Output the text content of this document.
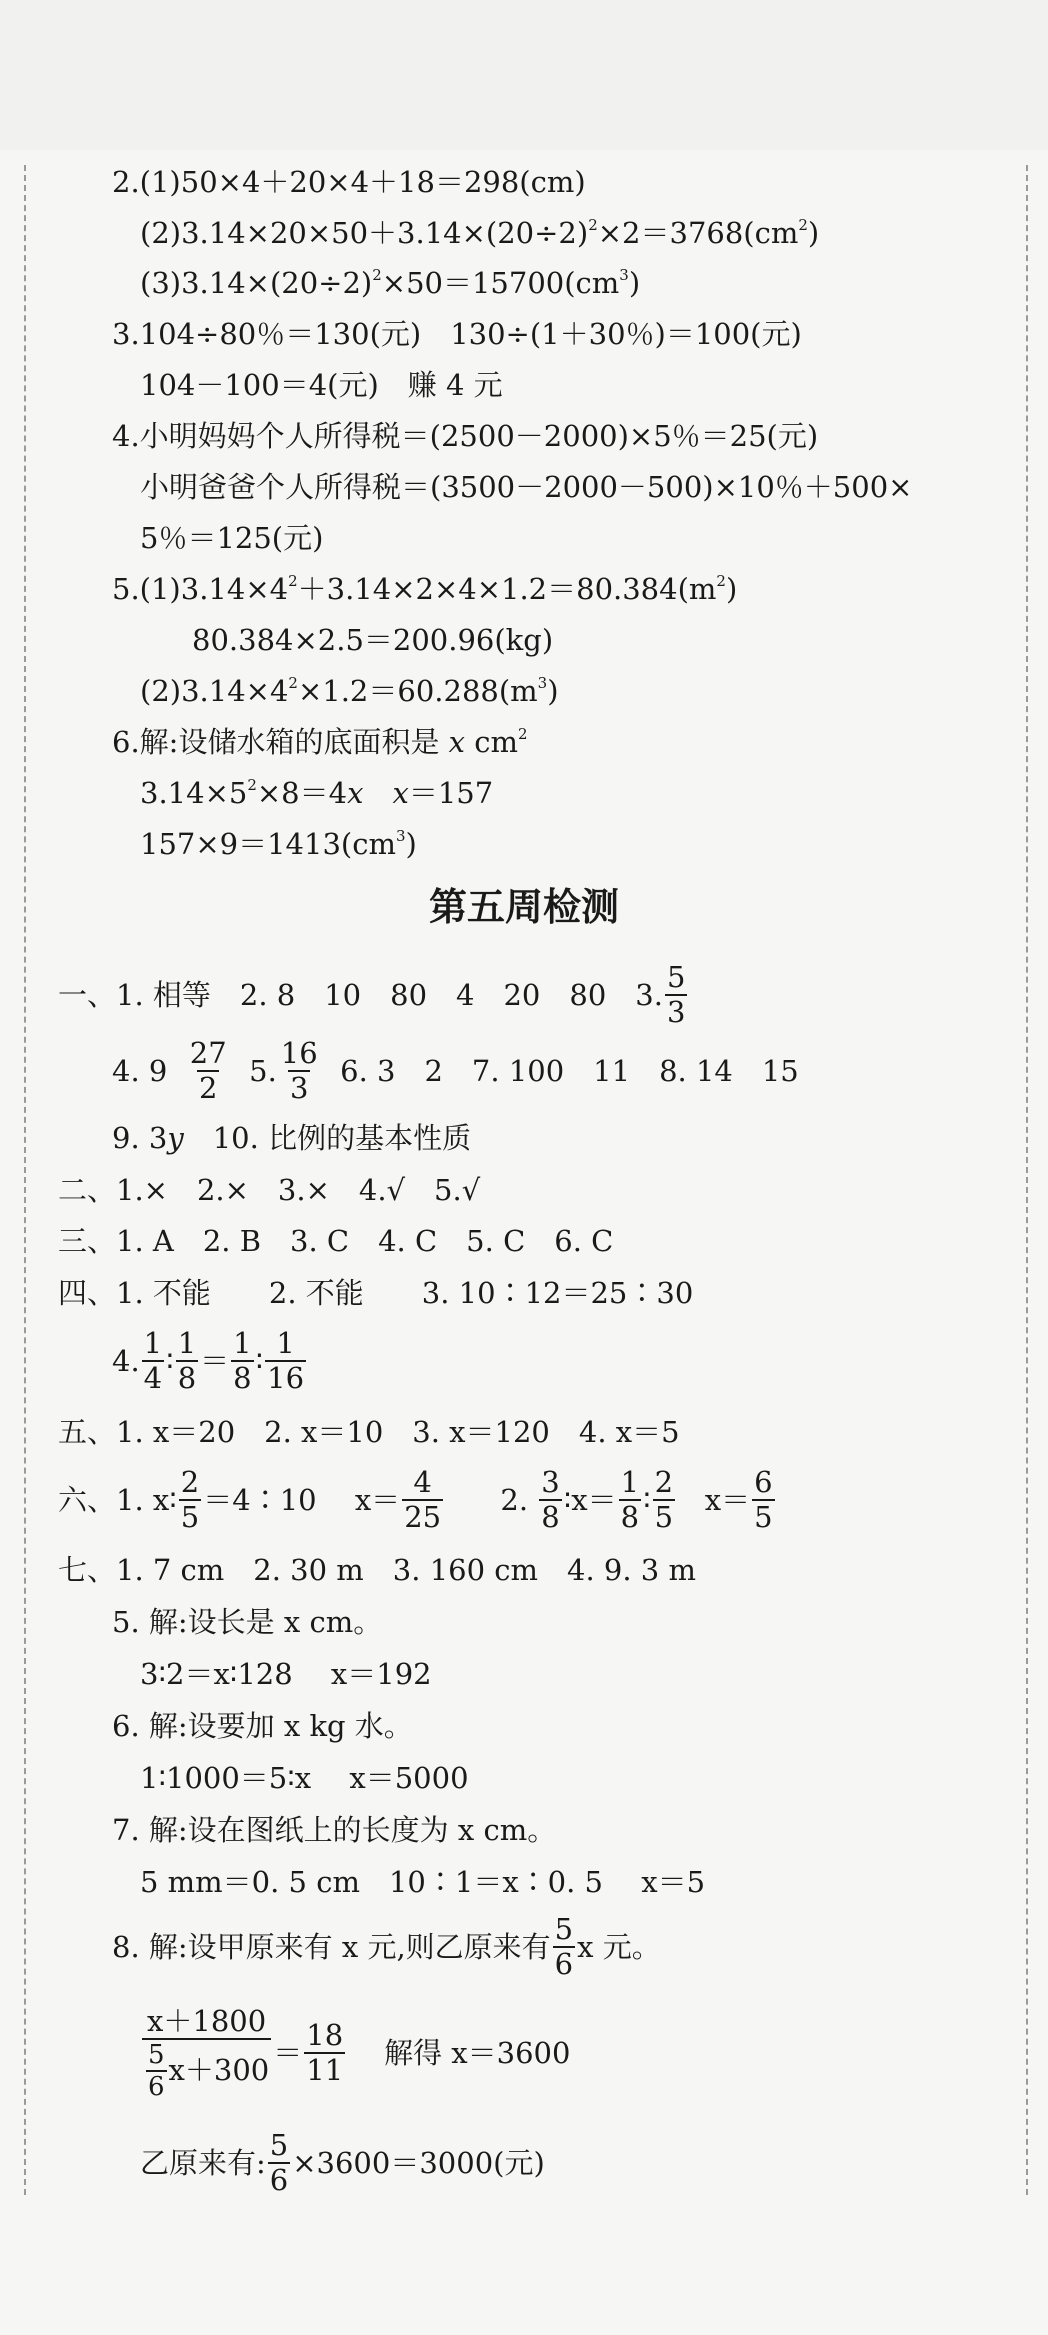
2.(1)50×4＋20×4＋18＝298(cm)
$(2)3.14\times 20\times 50+3.14\times(20\div 2)^2\times 2=3768(cm^2)$
$(3)3.14\times(20\div 2)^2\times 50=15700(cm^3)$
3.104÷80％＝130(元)　130÷(1＋30％)＝100(元)
104－100＝4(元)　赚 4 元
4.小明妈妈个人所得税＝(2500－2000)×5％＝25(元)
小明爸爸个人所得税＝(3500－2000－500)×10％＋500×
5％＝125(元)
$5.(1)3.14\times 4^2+3.14\times 2\times 4\times 1.2=80.384(m^2)$
80.384×2.5＝200.96(kg)
$(2)3.14\times 4^2\times 1.2=60.288(m^3)$
6.解:设储水箱的底面积是 x $cm^2$
$3.14\times 5^2\times 8=4x$　 x＝157
$157\times 9=1413(cm^3)$
第五周检测
一、1. 相等　2. 8　10　80　4　20　80　3. $\frac{5}{3}$
4. 9
$\frac{27}{2}$
5. $\frac{16}{3}$
6. 3　2　7. 100　11　8. 14　15
9. 3y　10. 比例的基本性质
二、1.×　2.×　3.×　4.√　5.√
三、1. A　2. B　3. C　4. C　5. C　6. C
四、1. 不能　　2. 不能　　3. 10∶12＝25∶30
4. $\frac{1}{4}$ ∶ $\frac{1}{8} = \frac{1}{8}$ ∶ $\frac{1}{16}$
五、1. x＝20　2. x＝10　3. x＝120　4. x＝5
六、1. x∶ $\frac{2}{5}$ ＝4∶10　 $x= \frac{4}{25}$
2.
$\frac{3}{8}$ ∶x＝ $\frac{1}{8}$ ∶ $\frac{2}{5}$
$x= \frac{6}{5}$
七、1. 7 cm　2. 30 m　3. 160 cm　4. 9. 3 m
5. 解:设长是 x cm。
3∶2＝x∶128　 x＝192
6. 解:设要加 x kg 水。
1∶1000＝5∶x　 x＝5000
7. 解:设在图纸上的长度为 x cm。
5 mm＝0. 5 cm　10∶1＝x∶0. 5　 x＝5
8. 解:设甲原来有 x 元,则乙原来有 $\frac{5}{6}$ x 元。
$\frac{x+1800}{\frac{5}{6} x+300} = \frac{18}{11}$
解得 x＝3600
乙原来有: $\frac{5}{6} \times 3600=3000$(元)
